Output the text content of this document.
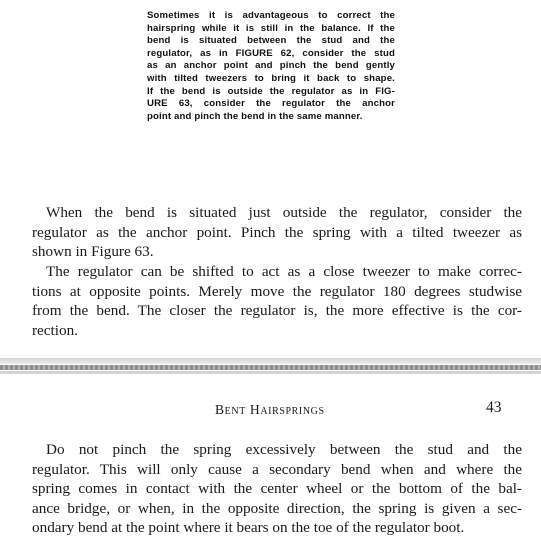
Sometimes it is advantageous to correct the
hairspring while it is still in the balance. If the
bend is situated between the stud and the
regulator, as in FIGURE 62, consider the stud
as an anchor point and pinch the bend gently
with tilted tweezers to bring it back to shape.
If the bend is outside the regulator as in FIG-
URE 63, consider the regulator the anchor
point and pinch the bend in the same manner.
When the bend is situated just outside the regulator, consider the
regulator as the anchor point. Pinch the spring with a tilted tweezer as
shown in Figure 63.
The regulator can be shifted to act as a close tweezer to make correc-
tions at opposite points. Merely move the regulator 180 degrees studwise
from the bend. The closer the regulator is, the more effective is the cor-
rection.
Bent Hairsprings	43
Do not pinch the spring excessively between the stud and the
regulator. This will only cause a secondary bend when and where the
spring comes in contact with the center wheel or the bottom of the bal-
ance bridge, or when, in the opposite direction, the spring is given a sec-
ondary bend at the point where it bears on the toe of the regulator boot.
